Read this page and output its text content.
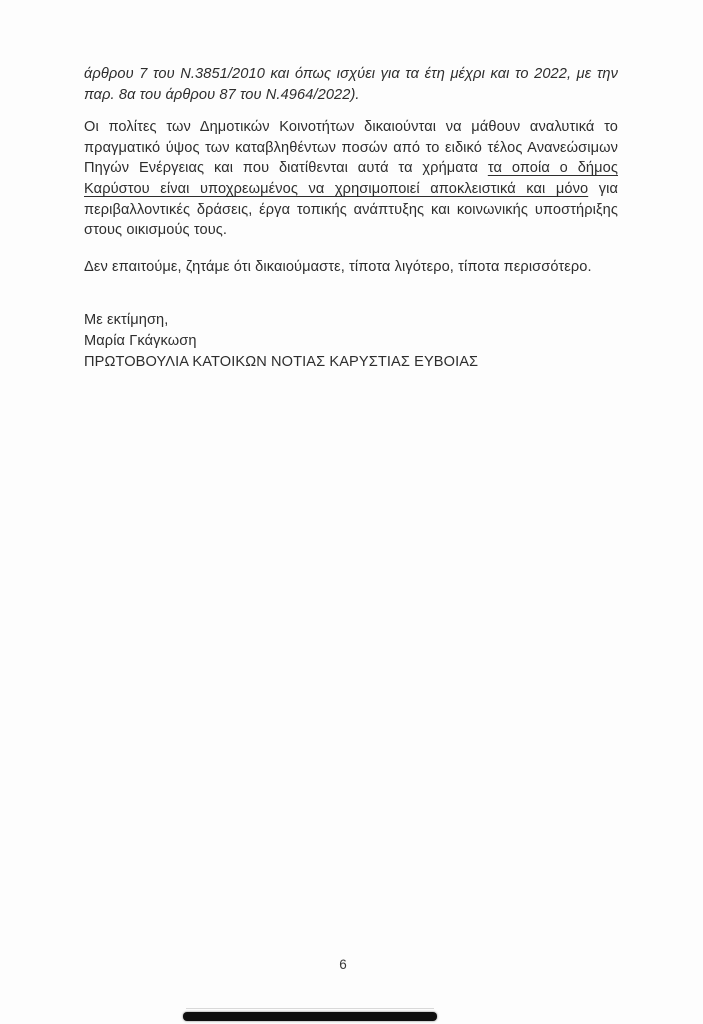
άρθρου 7 του Ν.3851/2010 και όπως ισχύει για τα έτη μέχρι και το 2022, με την παρ. 8α του άρθρου 87 του Ν.4964/2022).

Οι πολίτες των Δημοτικών Κοινοτήτων δικαιούνται να μάθουν αναλυτικά το πραγματικό ύψος των καταβληθέντων ποσών από το ειδικό τέλος Ανανεώσιμων Πηγών Ενέργειας και που διατίθενται αυτά τα χρήματα τα οποία ο δήμος Καρύστου είναι υποχρεωμένος να χρησιμοποιεί αποκλειστικά και μόνο για περιβαλλοντικές δράσεις, έργα τοπικής ανάπτυξης και κοινωνικής υποστήριξης στους οικισμούς τους.

Δεν επαιτούμε, ζητάμε ότι δικαιούμαστε, τίποτα λιγότερο, τίποτα περισσότερο.

Με εκτίμηση,
Μαρία Γκάγκωση
ΠΡΩΤΟΒΟΥΛΙΑ ΚΑΤΟΙΚΩΝ ΝΟΤΙΑΣ ΚΑΡΥΣΤΙΑΣ ΕΥΒΟΙΑΣ
6
